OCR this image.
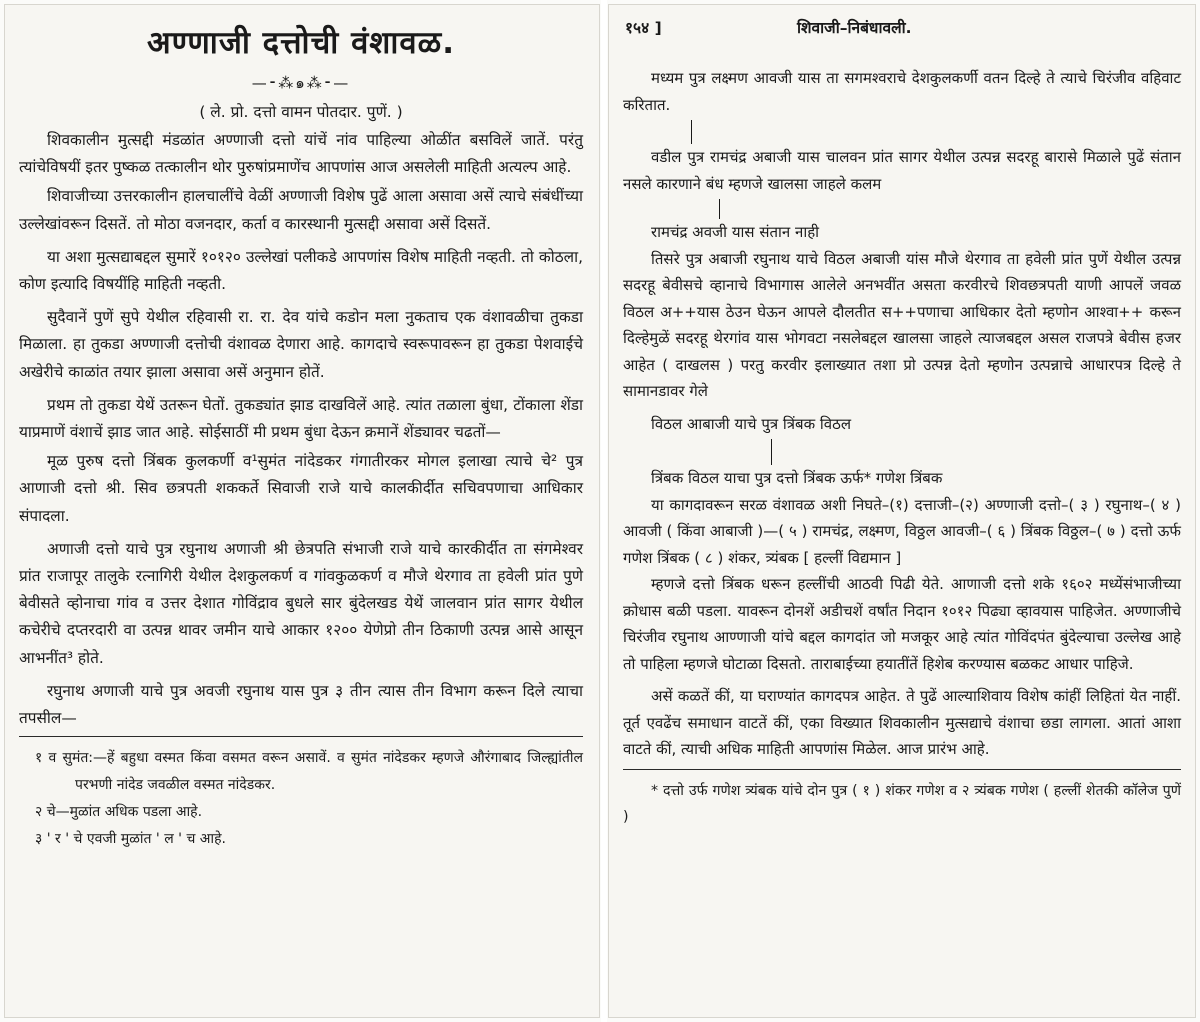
अण्णाजी दत्तोची वंशावळ.
—⁃⁂๑⁂⁃—
( ले. प्रो. दत्तो वामन पोतदार. पुणें. )

शिवकालीन मुत्सद्दी मंडळांत अण्णाजी दत्तो यांचें नांव पाहिल्या ओळींत बसविलें जातें. परंतु त्यांचेविषयीं इतर पुष्कळ तत्कालीन थोर पुरुषांप्रमाणेंच आपणांस आज असलेली माहिती अत्यल्प आहे.

शिवाजीच्या उत्तरकालीन हालचालींचे वेळीं अण्णाजी विशेष पुढें आला असावा असें त्याचे संबंधींच्या उल्लेखांवरून दिसतें. तो मोठा वजनदार, कर्ता व कारस्थानी मुत्सद्दी असावा असें दिसतें.

या अशा मुत्सद्याबद्दल सुमारें १०१२० उल्लेखां पलीकडे आपणांस विशेष माहिती नव्हती. तो कोठला, कोण इत्यादि विषयींहि माहिती नव्हती.

सुदैवानें पुणें सुपे येथील रहिवासी रा. रा. देव यांचे कडोन मला नुकताच एक वंशावळीचा तुकडा मिळाला. हा तुकडा अण्णाजी दत्तोची वंशावळ देणारा आहे. कागदाचे स्वरूपावरून हा तुकडा पेशवाईचे अखेरीचे काळांत तयार झाला असावा असें अनुमान होतें.

प्रथम तो तुकडा येथें उतरून घेतों. तुकड्यांत झाड दाखविलें आहे. त्यांत तळाला बुंधा, टोंकाला शेंडा याप्रमाणें वंशाचें झाड जात आहे. सोईसाठीं मी प्रथम बुंधा देऊन क्रमानें शेंड्यावर चढतों—

मूळ पुरुष दत्तो त्रिंबक कुलकर्णी व¹सुमंत नांदेडकर गंगातीरकर मोगल इलाखा त्याचे चे² पुत्र आणाजी दत्तो श्री. सिव छत्रपती शककर्ते सिवाजी राजे याचे कालकीर्दीत सचिवपणाचा आधिकार संपादला.

अणाजी दत्तो याचे पुत्र रघुनाथ अणाजी श्री छेत्रपति संभाजी राजे याचे कारकीर्दीत ता संगमेश्वर प्रांत राजापूर तालुके रत्नागिरी येथील देशकुलकर्ण व गांवकुळकर्ण व मौजे थेरगाव ता हवेली प्रांत पुणे बेवीसते व्होनाचा गांव व उत्तर देशात गोविंद्राव बुधले सार बुंदेलखड येथें जालवान प्रांत सागर येथील कचेरीचे दप्तरदारी वा उत्पन्न थावर जमीन याचे आकार १२०० येणेप्रो तीन ठिकाणी उत्पन्न आसे आसून आभनींत³ होते.

रघुनाथ अणाजी याचे पुत्र अवजी रघुनाथ यास पुत्र ३ तीन त्यास तीन विभाग करून दिले त्याचा तपसील—

१ व सुमंत:—हें बहुधा वस्मत किंवा वसमत वरून असावें. व सुमंत नांदेडकर म्हणजे औरंगाबाद जिल्ह्यांतील परभणी नांदेड जवळील वस्मत नांदेडकर.

२ चे—मुळांत अधिक पडला आहे.

३ ' र ' चे एवजी मुळांत ' ल ' च आहे.

१५४ ]	शिवाजी–निबंधावली.

मध्यम पुत्र लक्ष्मण आवजी यास ता सगमश्वराचे देशकुलकर्णी वतन दिल्हे ते त्याचे चिरंजीव वहिवाट करितात.

वडील पुत्र रामचंद्र अबाजी यास चालवन प्रांत सागर येथील उत्पन्न सदरहू बारासे मिळाले पुढें संतान नसले कारणाने बंध म्हणजे खालसा जाहले कलम

रामचंद्र अवजी यास संतान नाही

तिसरे पुत्र अबाजी रघुनाथ याचे विठल अबाजी यांस मौजे थेरगाव ता हवेली प्रांत पुणें येथील उत्पन्न सदरहू बेवीसचे व्हानाचे विभागास आलेले अनभवींत असता करवीरचे शिवछत्रपती याणी आपलें जवळ विठल अ++यास ठेउन घेऊन आपले दौलतीत स++पणाचा आधिकार देतो म्हणोन आश्वा++ करून दिल्हेमुळें सदरहू थेरगांव यास भोगवटा नसलेबद्दल खालसा जाहले त्याजबद्दल असल राजपत्रे बेवीस हजर आहेत ( दाखलस ) परतु करवीर इलाख्यात तशा प्रो उत्पन्न देतो म्हणोन उत्पन्नाचे आधारपत्र दिल्हे ते सामानडावर गेले

विठल आबाजी याचे पुत्र त्रिंबक विठल

त्रिंबक विठल याचा पुत्र दत्तो त्रिंबक ऊर्फ* गणेश त्रिंबक

या कागदावरून सरळ वंशावळ अशी निघते–(१) दत्ताजी–(२) अण्णाजी दत्तो–( ३ ) रघुनाथ–( ४ ) आवजी ( किंवा आबाजी )—( ५ ) रामचंद्र, लक्ष्मण, विठ्ठल आवजी–( ६ ) त्रिंबक विठ्ठल–( ७ ) दत्तो ऊर्फ गणेश त्रिंबक ( ८ ) शंकर, त्र्यंबक [ हल्लीं विद्यमान ]

म्हणजे दत्तो त्रिंबक धरून हल्लींची आठवी पिढी येते. आणाजी दत्तो शके १६०२ मध्येंसंभाजीच्या क्रोधास बळी पडला. यावरून दोनशें अडीचशें वर्षांत निदान १०१२ पिढ्या व्हावयास पाहिजेत. अण्णाजीचे चिरंजीव रघुनाथ आण्णाजी यांचे बद्दल कागदांत जो मजकूर आहे त्यांत गोविंदपंत बुंदेल्याचा उल्लेख आहे तो पाहिला म्हणजे घोटाळा दिसतो. ताराबाईच्या हयातींतें हिशेब करण्यास बळकट आधार पाहिजे.

असें कळतें कीं, या घराण्यांत कागदपत्र आहेत. ते पुढें आल्याशिवाय विशेष कांहीं लिहितां येत नाहीं. तूर्त एवढेंच समाधान वाटतें कीं, एका विख्यात शिवकालीन मुत्सद्याचे वंशाचा छडा लागला. आतां आशा वाटते कीं, त्याची अधिक माहिती आपणांस मिळेल. आज प्रारंभ आहे.

* दत्तो उर्फ गणेश त्र्यंबक यांचे दोन पुत्र ( १ ) शंकर गणेश व २ त्र्यंबक गणेश ( हल्लीं शेतकी कॉलेज पुणें )
